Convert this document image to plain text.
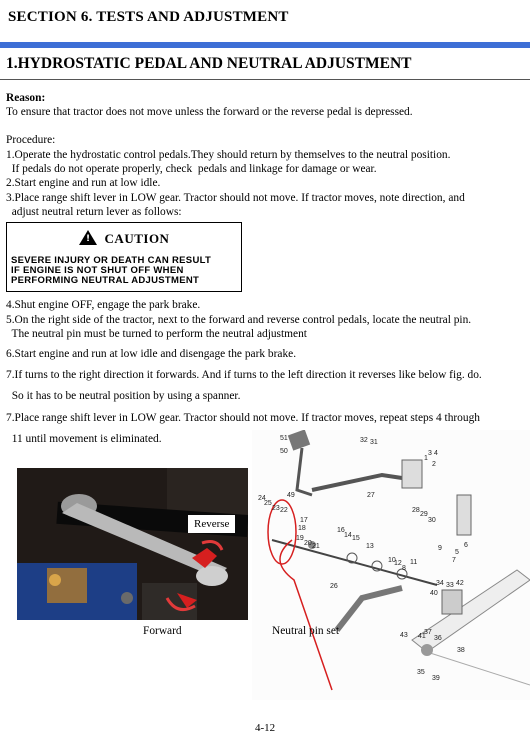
SECTION 6. TESTS AND ADJUSTMENT
1.HYDROSTATIC PEDAL AND NEUTRAL ADJUSTMENT
Reason:
To ensure that tractor does not move unless the forward or the reverse pedal is depressed.
Procedure:
1.Operate the hydrostatic control pedals.They should return by themselves to the neutral position.
If pedals do not operate properly, check  pedals and linkage for damage or wear.
2.Start engine and run at low idle.
3.Place range shift lever in LOW gear. Tractor should not move. If tractor moves, note direction, and
adjust neutral return lever as follows:
! CAUTION
SEVERE INJURY OR DEATH CAN RESULT
IF ENGINE IS NOT SHUT OFF WHEN
PERFORMING NEUTRAL ADJUSTMENT
4.Shut engine OFF, engage the park brake.
5.On the right side of the tractor, next to the forward and reverse control pedals, locate the neutral pin.
The neutral pin must be turned to perform the neutral adjustment
6.Start engine and run at low idle and disengage the park brake.
7.If turns to the right direction it forwards. And if turns to the left direction it reverses like below fig. do.
So it has to be neutral position by using a spanner.
7.Place range shift lever in LOW gear. Tractor should not move. If tractor moves, repeat steps 4 through
11 until movement is eliminated.
Reverse
Forward
51
50
32 31
1
3 4
2
27
49
24
25
23 22
17
18
19
20 21
16
14 15
13
10
12
9
8
28
29
30
6
5
34 33 42
40
41
37
38
36
35
39
43
26
11	7
Neutral pin set
4-12
